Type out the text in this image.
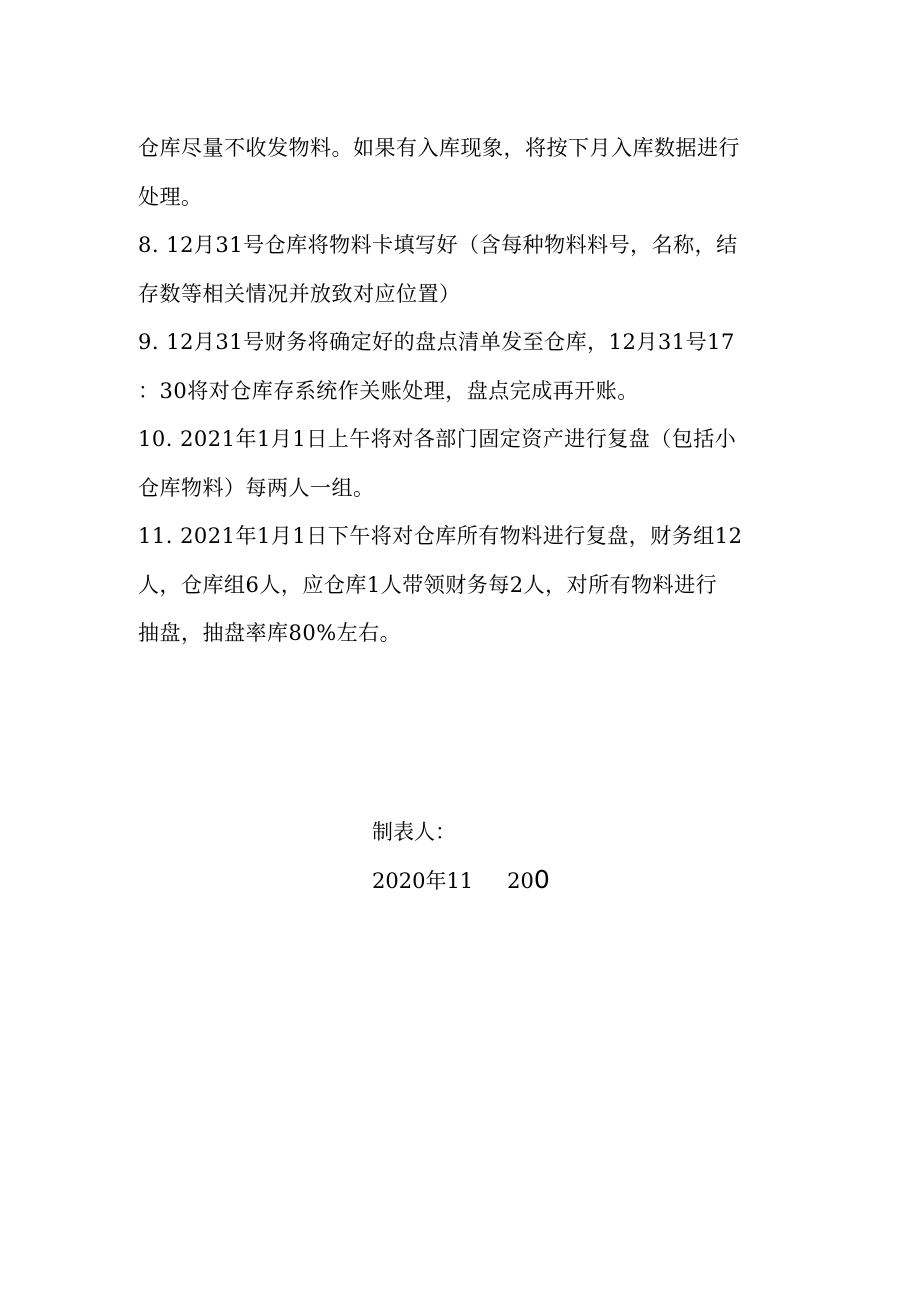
仓库尽量不收发物料。如果有入库现象，将按下月入库数据进行
处理。
8. 12月31号仓库将物料卡填写好（含每种物料料号，名称，结
存数等相关情况并放致对应位置）
9. 12月31号财务将确定好的盘点清单发至仓库，12月31号17
：30将对仓库存系统作关账处理，盘点完成再开账。
10. 2021年1月1日上午将对各部门固定资产进行复盘（包括小
仓库物料）每两人一组。
11. 2021年1月1日下午将对仓库所有物料进行复盘，财务组12
人，仓库组6人，应仓库1人带领财务每2人，对所有物料进行
抽盘，抽盘率库80%左右。
制表人：
2020年11 200
